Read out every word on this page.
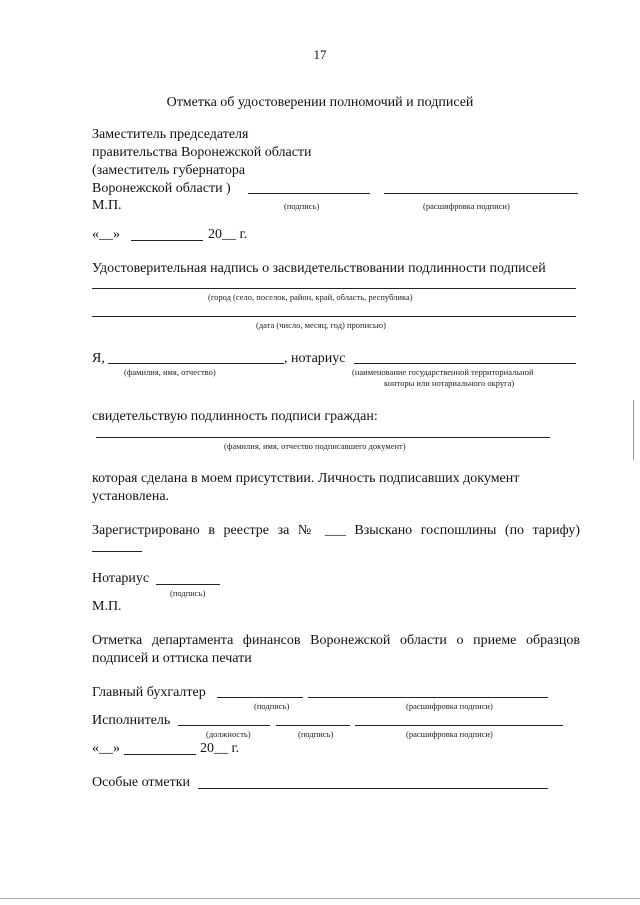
17
Отметка об удостоверении полномочий и подписей
Заместитель председателя
правительства Воронежской области
(заместитель губернатора
Воронежской области )
М.П.	(подпись)	(расшифровка подписи)
«__»	20__ г.
Удостоверительная надпись о засвидетельствовании подлинности подписей
(город (село, поселок, район, край, область, республика)
(дата (число, месяц, год) прописью)
Я,	, нотариус
(фамилия, имя, отчество)	(наименование государственной территориальной
конторы или нотариального округа)
свидетельствую подлинность подписи граждан:
(фамилия, имя, отчество подписавшего документ)
которая сделана в моем присутствии. Личность подписавших документ
установлена.
Зарегистрировано в реестре за № ___ Взыскано госпошлины (по тарифу)
Нотариус
(подпись)
М.П.
Отметка департамента финансов Воронежской области о приеме образцов
подписей и оттиска печати
Главный бухгалтер
(подпись)	(расшифровка подписи)
Исполнитель
(должность)	(подпись)	(расшифровка подписи)
«__»	20__ г.
Особые отметки
